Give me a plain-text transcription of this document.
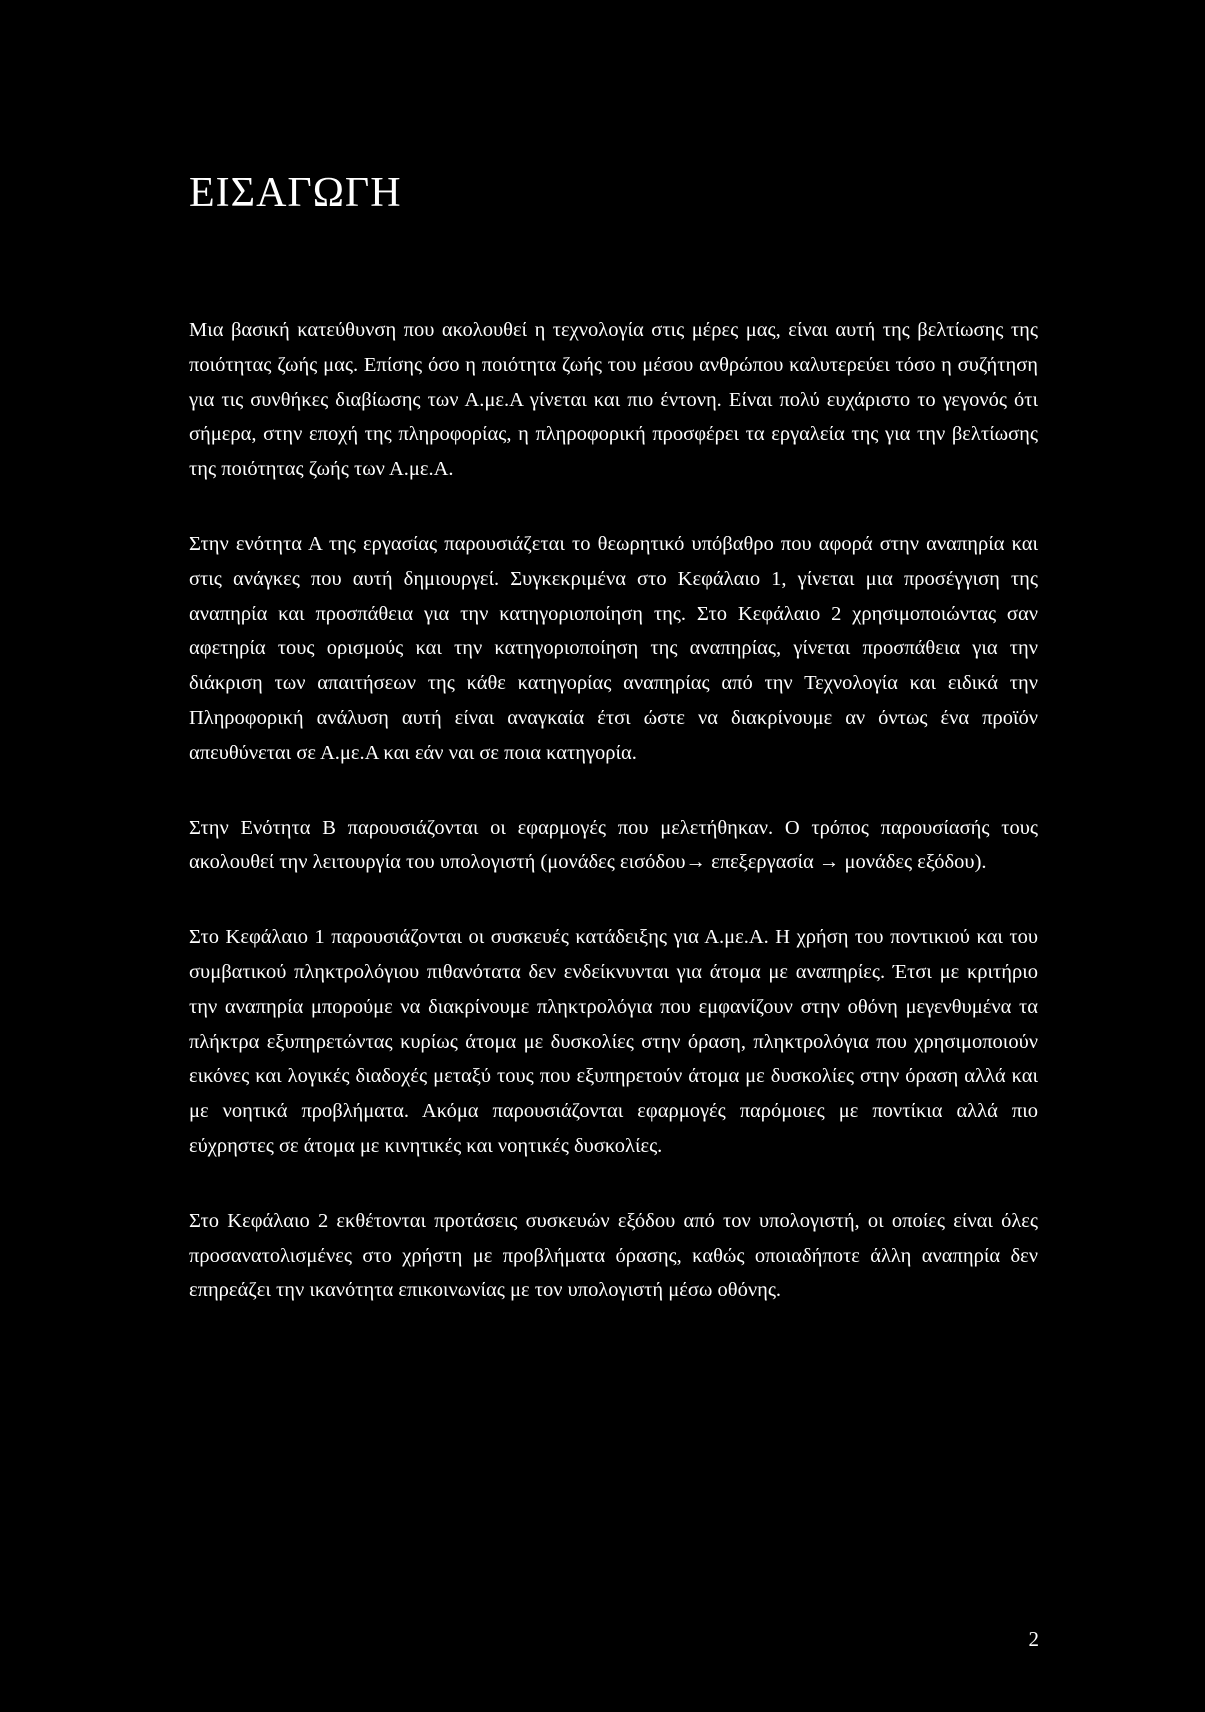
ΕΙΣΑΓΩΓΗ

Μια βασική κατεύθυνση που ακολουθεί η τεχνολογία στις μέρες μας, είναι αυτή της βελτίωσης της ποιότητας ζωής μας. Επίσης όσο η ποιότητα ζωής του μέσου ανθρώπου καλυτερεύει τόσο η συζήτηση για τις συνθήκες διαβίωσης των Α.με.Α γίνεται και πιο έντονη. Είναι πολύ ευχάριστο το γεγονός ότι σήμερα, στην εποχή της πληροφορίας, η πληροφορική προσφέρει τα εργαλεία της για την βελτίωσης της ποιότητας ζωής των Α.με.Α.

Στην ενότητα Α της εργασίας παρουσιάζεται το θεωρητικό υπόβαθρο που αφορά στην αναπηρία και στις ανάγκες που αυτή δημιουργεί. Συγκεκριμένα στο Κεφάλαιο 1, γίνεται μια προσέγγιση της αναπηρία και προσπάθεια για την κατηγοριοποίηση της. Στο Κεφάλαιο 2 χρησιμοποιώντας σαν αφετηρία τους ορισμούς και την κατηγοριοποίηση της αναπηρίας, γίνεται προσπάθεια για την διάκριση των απαιτήσεων της κάθε κατηγορίας αναπηρίας από την Τεχνολογία και ειδικά την Πληροφορική ανάλυση αυτή είναι αναγκαία έτσι ώστε να διακρίνουμε αν όντως ένα προϊόν απευθύνεται σε Α.με.Α και εάν ναι σε ποια κατηγορία.

Στην Ενότητα Β παρουσιάζονται οι εφαρμογές που μελετήθηκαν. Ο τρόπος παρουσίασής τους ακολουθεί την λειτουργία του υπολογιστή (μονάδες εισόδου→ επεξεργασία → μονάδες εξόδου).

Στο Κεφάλαιο 1 παρουσιάζονται οι συσκευές κατάδειξης για Α.με.Α. Η χρήση του ποντικιού και του συμβατικού πληκτρολόγιου πιθανότατα δεν ενδείκνυνται για άτομα με αναπηρίες. Έτσι με κριτήριο την αναπηρία μπορούμε να διακρίνουμε πληκτρολόγια που εμφανίζουν στην οθόνη μεγενθυμένα τα πλήκτρα εξυπηρετώντας κυρίως άτομα με δυσκολίες στην όραση, πληκτρολόγια που χρησιμοποιούν εικόνες και λογικές διαδοχές μεταξύ τους που εξυπηρετούν άτομα με δυσκολίες στην όραση αλλά και με νοητικά προβλήματα. Ακόμα παρουσιάζονται εφαρμογές παρόμοιες με ποντίκια αλλά πιο εύχρηστες σε άτομα με κινητικές και νοητικές δυσκολίες.

Στο Κεφάλαιο 2 εκθέτονται προτάσεις συσκευών εξόδου από τον υπολογιστή, οι οποίες είναι όλες προσανατολισμένες στο χρήστη με προβλήματα όρασης, καθώς οποιαδήποτε άλλη αναπηρία δεν επηρεάζει την ικανότητα επικοινωνίας με τον υπολογιστή μέσω οθόνης.

2
